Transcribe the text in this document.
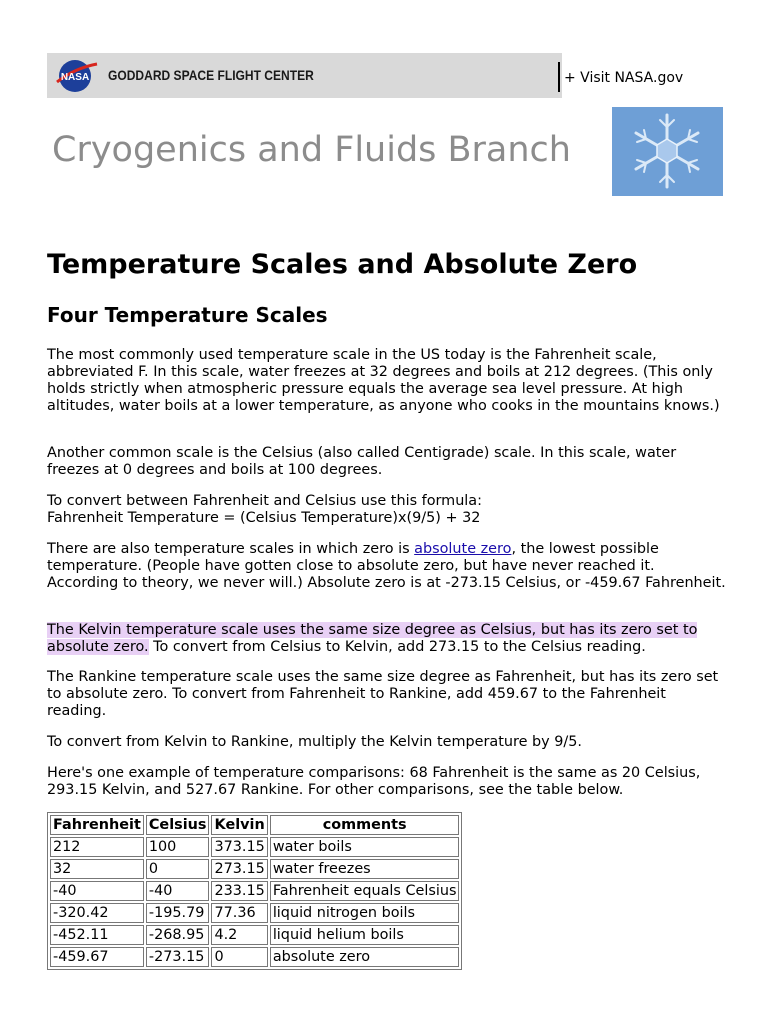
NASA GODDARD SPACE FLIGHT CENTER	+ Visit NASA.gov
Cryogenics and Fluids Branch
Temperature Scales and Absolute Zero
Four Temperature Scales

The most commonly used temperature scale in the US today is the Fahrenheit scale, abbreviated F. In this scale, water freezes at 32 degrees and boils at 212 degrees. (This only holds strictly when atmospheric pressure equals the average sea level pressure. At high altitudes, water boils at a lower temperature, as anyone who cooks in the mountains knows.)

Another common scale is the Celsius (also called Centigrade) scale. In this scale, water freezes at 0 degrees and boils at 100 degrees.

To convert between Fahrenheit and Celsius use this formula:
Fahrenheit Temperature = (Celsius Temperature)x(9/5) + 32

There are also temperature scales in which zero is absolute zero, the lowest possible temperature. (People have gotten close to absolute zero, but have never reached it. According to theory, we never will.) Absolute zero is at -273.15 Celsius, or -459.67 Fahrenheit.

The Kelvin temperature scale uses the same size degree as Celsius, but has its zero set to absolute zero. To convert from Celsius to Kelvin, add 273.15 to the Celsius reading.

The Rankine temperature scale uses the same size degree as Fahrenheit, but has its zero set to absolute zero. To convert from Fahrenheit to Rankine, add 459.67 to the Fahrenheit reading.

To convert from Kelvin to Rankine, multiply the Kelvin temperature by 9/5.

Here's one example of temperature comparisons: 68 Fahrenheit is the same as 20 Celsius, 293.15 Kelvin, and 527.67 Rankine. For other comparisons, see the table below.

Fahrenheit	Celsius	Kelvin	comments
212	100	373.15	water boils
32	0	273.15	water freezes
-40	-40	233.15	Fahrenheit equals Celsius
-320.42	-195.79	77.36	liquid nitrogen boils
-452.11	-268.95	4.2	liquid helium boils
-459.67	-273.15	0	absolute zero
